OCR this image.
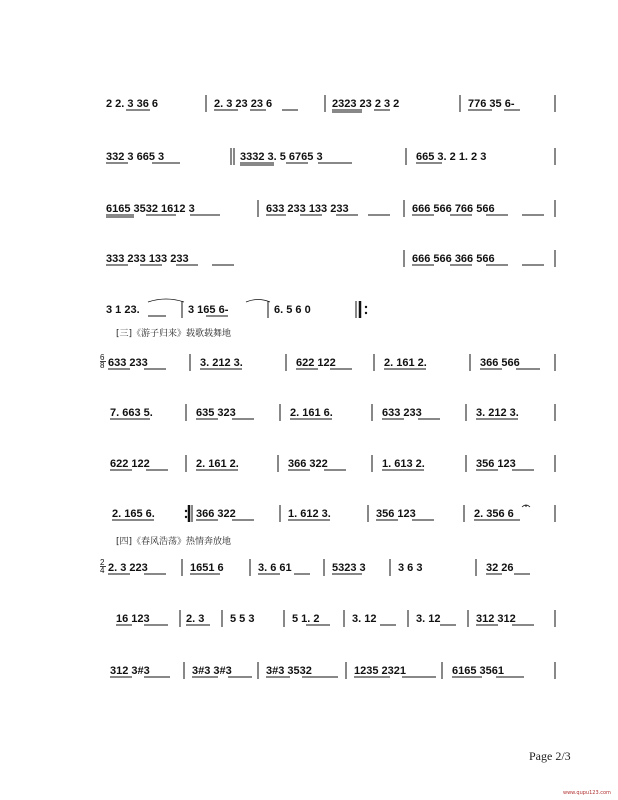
2 2. 3 36 6	2. 3 23 23 6	2323 23 2 3 2	776 35 6-
332 3 665 3	3332 3. 5 6765 3	665 3. 2 1. 2 3
6165 3532 1612 3	633 233 133 233	666 566 766 566
333 233 133 233	666 566 366 566
3 1 23.	3 165 6-	6. 5 6 0
[三]《游子归来》载歌载舞地
6
8 633 233	3. 212 3.	622 122	2. 161 2.	366 566
7. 663 5.	635 323	2. 161 6.	633 233	3. 212 3.
622 122	2. 161 2.	366 322	1. 613 2.	356 123
2. 165 6.	366 322	1. 612 3.	356 123	2. 356 6
[四]《春风浩荡》热情奔放地
2
4 2. 3 223	1651 6	3. 6 61	5323 3	3 6 3	32 26
16 123	2. 3 5 5 3	5 1. 2	3. 12	3. 12	312 312
312 3#3	3#3 3#3	3#3 3532	1235 2321	6165 3561
Page 2/3
www.qupu123.com
